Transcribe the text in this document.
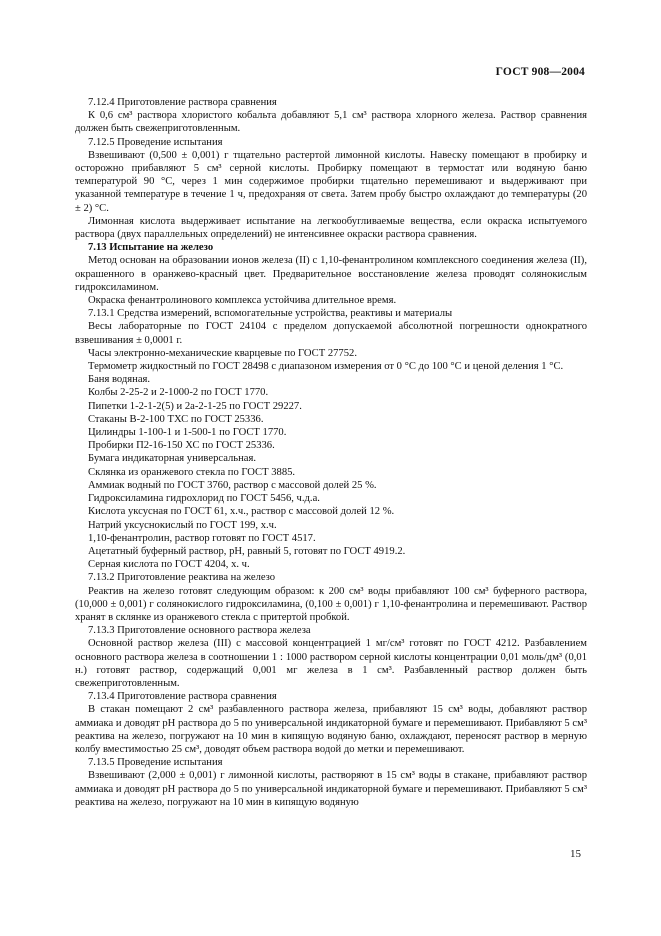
ГОСТ 908—2004

7.12.4 Приготовление раствора сравнения

К 0,6 см³ раствора хлористого кобальта добавляют 5,1 см³ раствора хлорного железа. Раствор сравнения должен быть свежеприготовленным.

7.12.5 Проведение испытания

Взвешивают (0,500 ± 0,001) г тщательно растертой лимонной кислоты. Навеску помещают в пробирку и осторожно прибавляют 5 см³ серной кислоты. Пробирку помещают в термостат или водяную баню температурой 90 °С, через 1 мин содержимое пробирки тщательно перемешивают и выдерживают при указанной температуре в течение 1 ч, предохраняя от света. Затем пробу быстро охлаждают до температуры (20 ± 2) °С.

Лимонная кислота выдерживает испытание на легкообугливаемые вещества, если окраска испытуемого раствора (двух параллельных определений) не интенсивнее окраски раствора сравнения.

7.13 Испытание на железо

Метод основан на образовании ионов железа (II) с 1,10-фенантролином комплексного соединения железа (II), окрашенного в оранжево-красный цвет. Предварительное восстановление железа проводят солянокислым гидроксиламином.

Окраска фенантролинового комплекса устойчива длительное время.

7.13.1 Средства измерений, вспомогательные устройства, реактивы и материалы

Весы лабораторные по ГОСТ 24104 с пределом допускаемой абсолютной погрешности однократного взвешивания ± 0,0001 г.

Часы электронно-механические кварцевые по ГОСТ 27752.

Термометр жидкостный по ГОСТ 28498 с диапазоном измерения от 0 °С до 100 °С и ценой деления 1 °С.

Баня водяная.

Колбы 2-25-2 и 2-1000-2 по ГОСТ 1770.

Пипетки 1-2-1-2(5) и 2а-2-1-25 по ГОСТ 29227.

Стаканы В-2-100 ТХС по ГОСТ 25336.

Цилиндры 1-100-1 и 1-500-1 по ГОСТ 1770.

Пробирки П2-16-150 ХС по ГОСТ 25336.

Бумага индикаторная универсальная.

Склянка из оранжевого стекла по ГОСТ 3885.

Аммиак водный по ГОСТ 3760, раствор с массовой долей 25 %.

Гидроксиламина гидрохлорид по ГОСТ 5456, ч.д.а.

Кислота уксусная по ГОСТ 61, х.ч., раствор с массовой долей 12 %.

Натрий уксуснокислый по ГОСТ 199, х.ч.

1,10-фенантролин, раствор готовят по ГОСТ 4517.

Ацетатный буферный раствор, pH, равный 5, готовят по ГОСТ 4919.2.

Серная кислота по ГОСТ 4204, х. ч.

7.13.2 Приготовление реактива на железо

Реактив на железо готовят следующим образом: к 200 см³ воды прибавляют 100 см³ буферного раствора, (10,000 ± 0,001) г солянокислого гидроксиламина, (0,100 ± 0,001) г 1,10-фенантролина и перемешивают. Раствор хранят в склянке из оранжевого стекла с притертой пробкой.

7.13.3 Приготовление основного раствора железа

Основной раствор железа (III) с массовой концентрацией 1 мг/см³ готовят по ГОСТ 4212. Разбавлением основного раствора железа в соотношении 1 : 1000 раствором серной кислоты концентрации 0,01 моль/дм³ (0,01 н.) готовят раствор, содержащий 0,001 мг железа в 1 см³. Разбавленный раствор должен быть свежеприготовленным.

7.13.4 Приготовление раствора сравнения

В стакан помещают 2 см³ разбавленного раствора железа, прибавляют 15 см³ воды, добавляют раствор аммиака и доводят pH раствора до 5 по универсальной индикаторной бумаге и перемешивают. Прибавляют 5 см³ реактива на железо, погружают на 10 мин в кипящую водяную баню, охлаждают, переносят раствор в мерную колбу вместимостью 25 см³, доводят объем раствора водой до метки и перемешивают.

7.13.5 Проведение испытания

Взвешивают (2,000 ± 0,001) г лимонной кислоты, растворяют в 15 см³ воды в стакане, прибавляют раствор аммиака и доводят pH раствора до 5 по универсальной индикаторной бумаге и перемешивают. Прибавляют 5 см³ реактива на железо, погружают на 10 мин в кипящую водяную

15
